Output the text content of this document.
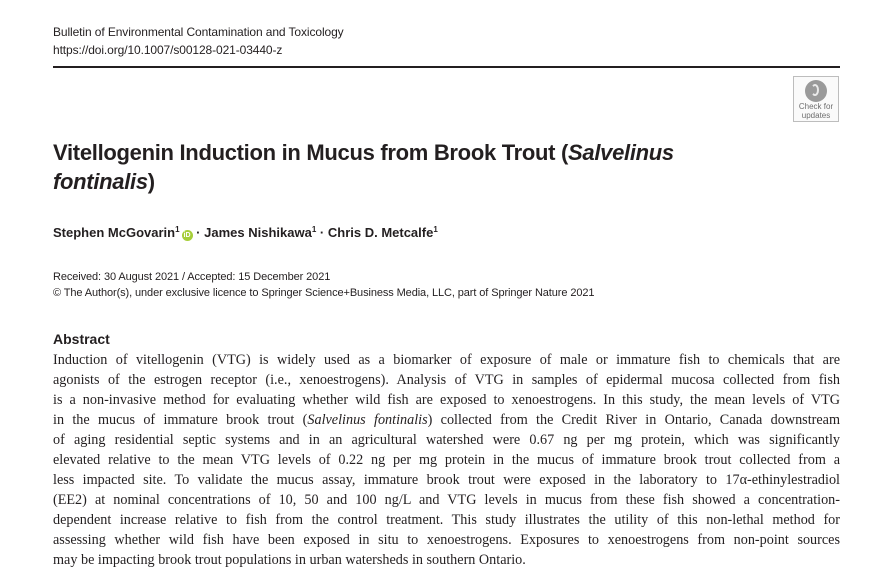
Bulletin of Environmental Contamination and Toxicology
https://doi.org/10.1007/s00128-021-03440-z
Check for
updates
Vitellogenin Induction in Mucus from Brook Trout (Salvelinus fontinalis)
Stephen McGovarin$^1$iD · James Nishikawa$^1$ · Chris D. Metcalfe$^1$
Received: 30 August 2021 / Accepted: 15 December 2021
© The Author(s), under exclusive licence to Springer Science+Business Media, LLC, part of Springer Nature 2021
Abstract
Induction of vitellogenin (VTG) is widely used as a biomarker of exposure of male or immature fish to chemicals that are
agonists of the estrogen receptor (i.e., xenoestrogens). Analysis of VTG in samples of epidermal mucosa collected from fish
is a non-invasive method for evaluating whether wild fish are exposed to xenoestrogens. In this study, the mean levels of VTG
in the mucus of immature brook trout (Salvelinus fontinalis) collected from the Credit River in Ontario, Canada downstream
of aging residential septic systems and in an agricultural watershed were 0.67 ng per mg protein, which was significantly
elevated relative to the mean VTG levels of 0.22 ng per mg protein in the mucus of immature brook trout collected from a
less impacted site. To validate the mucus assay, immature brook trout were exposed in the laboratory to 17α-ethinylestradiol
(EE2) at nominal concentrations of 10, 50 and 100 ng/L and VTG levels in mucus from these fish showed a concentration-
dependent increase relative to fish from the control treatment. This study illustrates the utility of this non-lethal method for
assessing whether wild fish have been exposed in situ to xenoestrogens. Exposures to xenoestrogens from non-point sources
may be impacting brook trout populations in urban watersheds in southern Ontario.
